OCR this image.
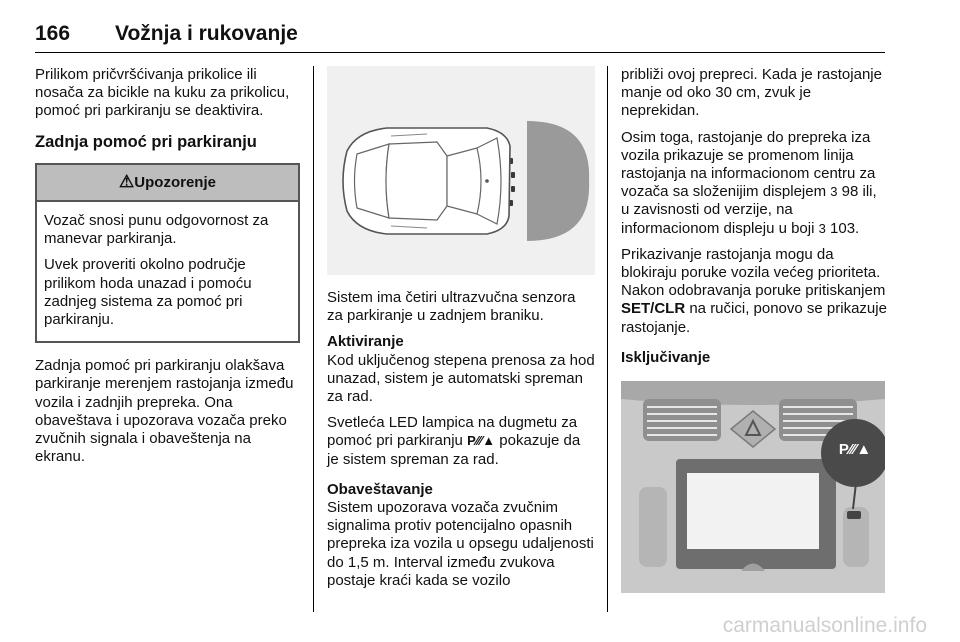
166 Vožnja i rukovanje

Prilikom pričvršćivanja prikolice ili nosača za bicikle na kuku za prikolicu, pomoć pri parkiranju se deaktivira.

Zadnja pomoć pri parkiranju
⚠Upozorenje

Vozač snosi punu odgovornost za manevar parkiranja.

Uvek proveriti okolno područje prilikom hoda unazad i pomoću zadnjeg sistema za pomoć pri parkiranju.

Zadnja pomoć pri parkiranju olakšava parkiranje merenjem rastojanja između vozila i zadnjih prepreka. Ona obaveštava i upozorava vozača preko zvučnih signala i obaveštenja na ekranu.

Sistem ima četiri ultrazvučna senzora za parkiranje u zadnjem braniku.

Aktiviranje

Kod uključenog stepena prenosa za hod unazad, sistem je automatski spreman za rad.

Svetleća LED lampica na dugmetu za pomoć pri parkiranju P⁄⁄⁄▲ pokazuje da je sistem spreman za rad.

Obaveštavanje

Sistem upozorava vozača zvučnim signalima protiv potencijalno opasnih prepreka iza vozila u opsegu udaljenosti do 1,5 m. Interval između zvukova postaje kraći kada se vozilo

približi ovoj prepreci. Kada je rastojanje manje od oko 30 cm, zvuk je neprekidan.

Osim toga, rastojanje do prepreka iza vozila prikazuje se promenom linija rastojanja na informacionom centru za vozača sa složenijim displejem 3 98 ili, u zavisnosti od verzije, na informacionom displeju u boji 3 103.

Prikazivanje rastojanja mogu da blokiraju poruke vozila većeg prioriteta. Nakon odobravanja poruke pritiskanjem SET/CLR na ručici, ponovo se prikazuje rastojanje.

Isključivanje
P⁄⁄⁄▲
carmanualsonline.info
